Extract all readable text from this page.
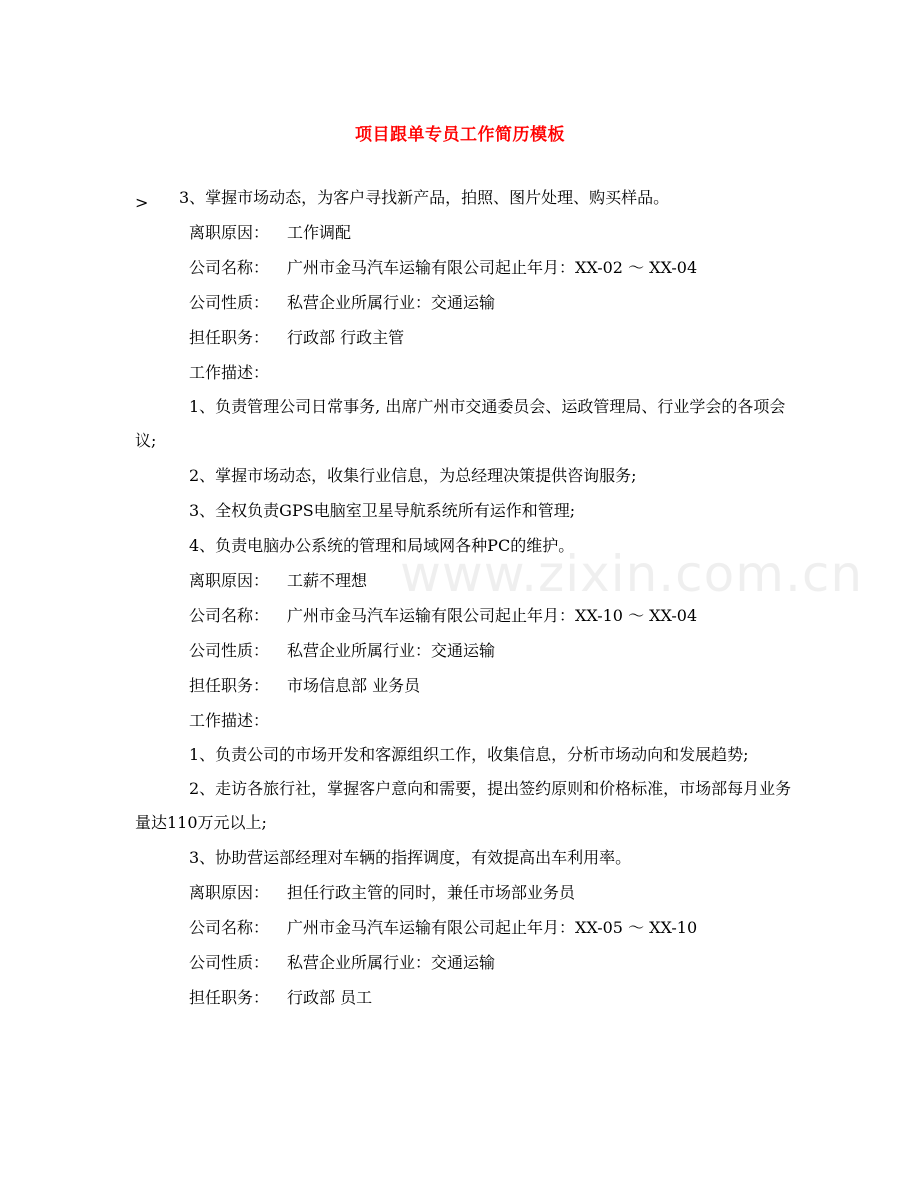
项目跟单专员工作简历模板
www.zixin.com.cn
>	3、掌握市场动态，为客户寻找新产品，拍照、图片处理、购买样品。

离职原因： 工作调配

公司名称： 广州市金马汽车运输有限公司起止年月：XX-02 ～ XX-04

公司性质： 私营企业所属行业：交通运输

担任职务： 行政部 行政主管

工作描述：

1、负责管理公司日常事务, 出席广州市交通委员会、运政管理局、行业学会的各项会议;

2、掌握市场动态，收集行业信息，为总经理决策提供咨询服务;

3、全权负责GPS电脑室卫星导航系统所有运作和管理;

4、负责电脑办公系统的管理和局域网各种PC的维护。

离职原因： 工薪不理想

公司名称： 广州市金马汽车运输有限公司起止年月：XX-10 ～ XX-04

公司性质： 私营企业所属行业：交通运输

担任职务： 市场信息部 业务员

工作描述：

1、负责公司的市场开发和客源组织工作，收集信息，分析市场动向和发展趋势;

2、走访各旅行社，掌握客户意向和需要，提出签约原则和价格标准，市场部每月业务量达110万元以上;

3、协助营运部经理对车辆的指挥调度，有效提高出车利用率。

离职原因： 担任行政主管的同时，兼任市场部业务员

公司名称： 广州市金马汽车运输有限公司起止年月：XX-05 ～ XX-10

公司性质： 私营企业所属行业：交通运输

担任职务： 行政部 员工
